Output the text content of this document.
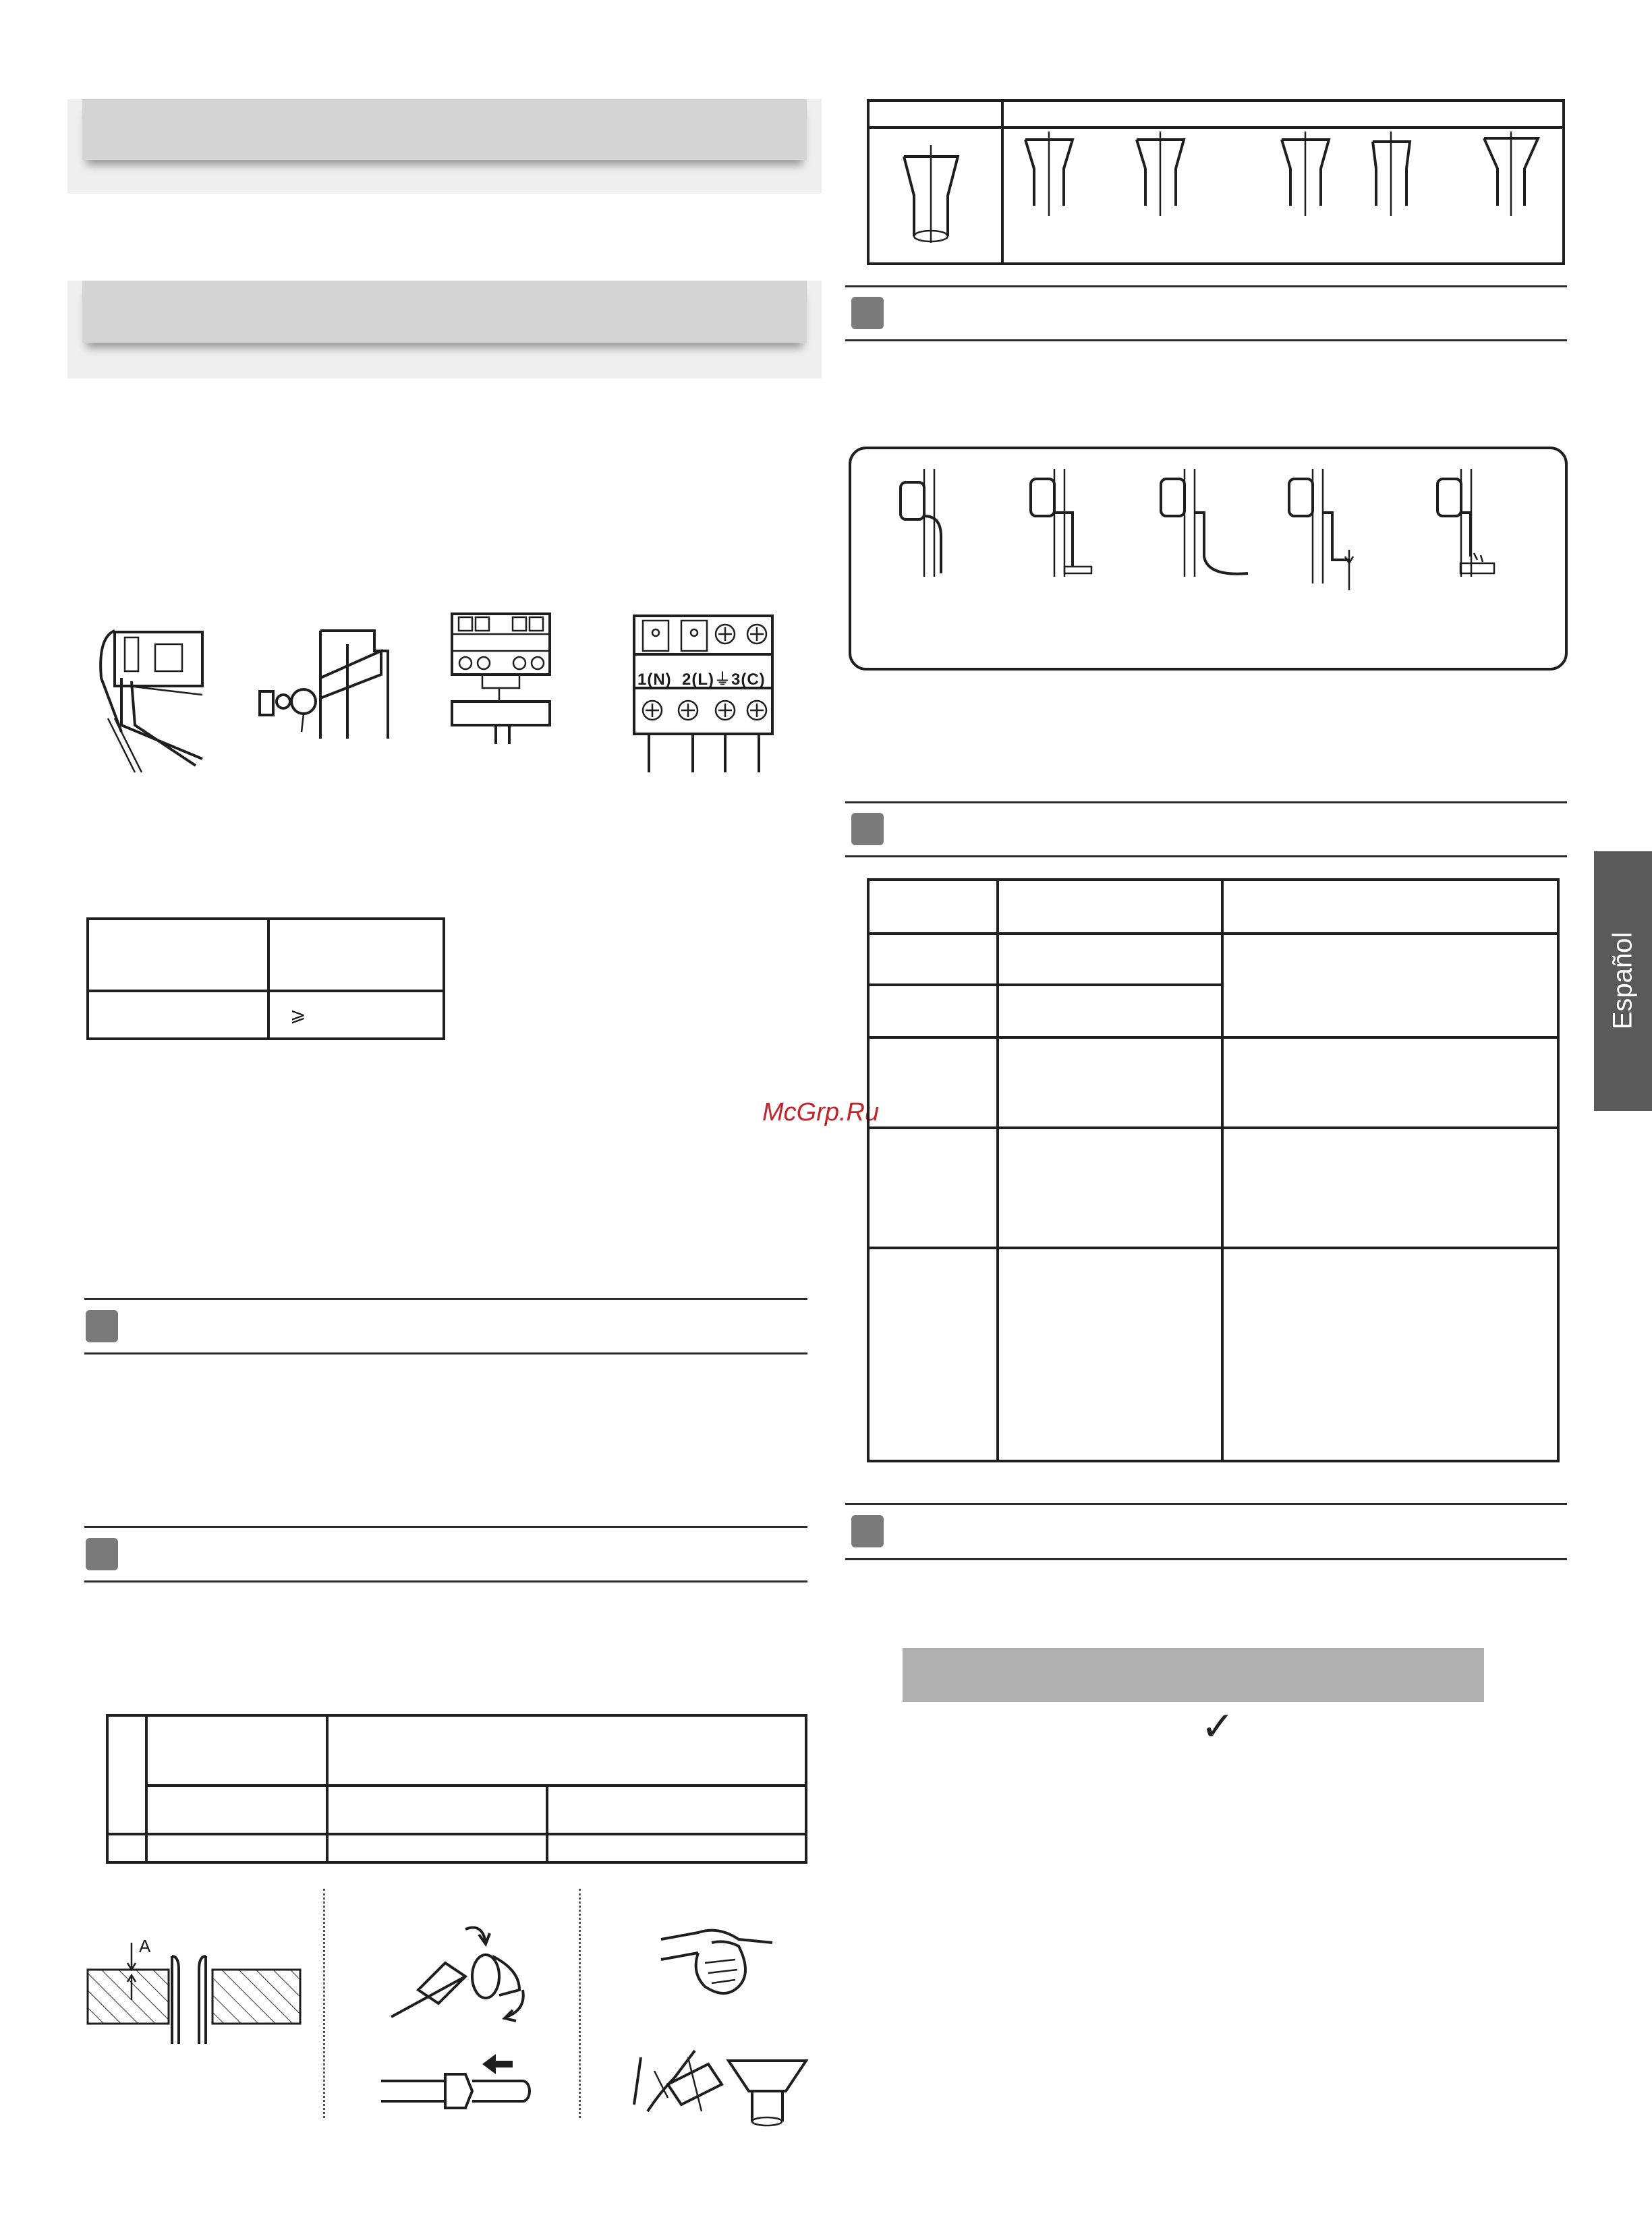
1(N)  2(L)⏚3(C)

	⩾
McGrp.Ru

A
Español

✓
